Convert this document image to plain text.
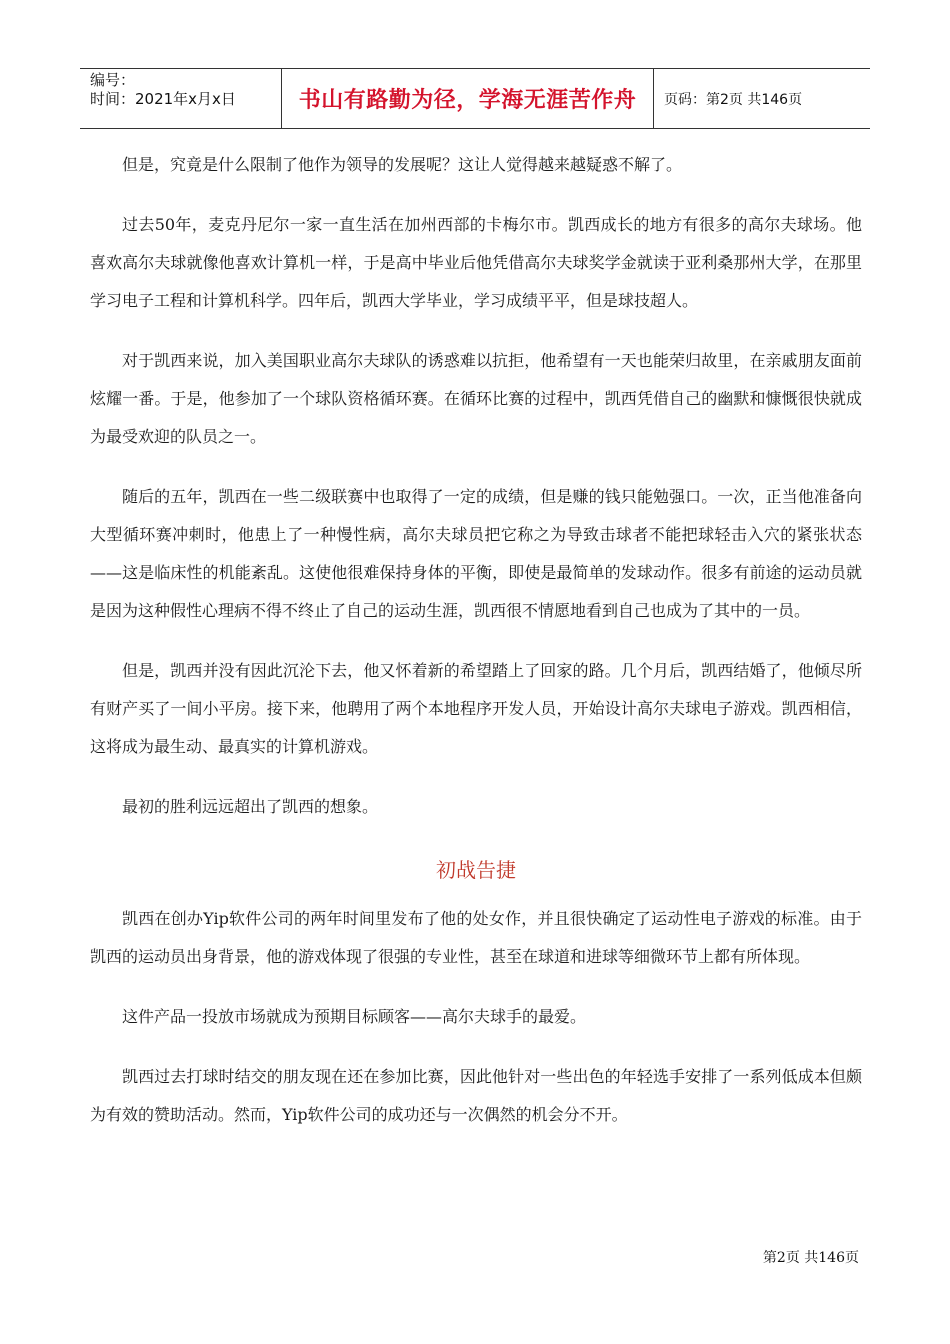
编号：
时间：2021年x月x日	书山有路勤为径，学海无涯苦作舟	页码：第2页 共146页

但是，究竟是什么限制了他作为领导的发展呢？这让人觉得越来越疑惑不解了。

过去50年，麦克丹尼尔一家一直生活在加州西部的卡梅尔市。凯西成长的地方有很多的高尔夫球场。他喜欢高尔夫球就像他喜欢计算机一样，于是高中毕业后他凭借高尔夫球奖学金就读于亚利桑那州大学，在那里学习电子工程和计算机科学。四年后，凯西大学毕业，学习成绩平平，但是球技超人。

对于凯西来说，加入美国职业高尔夫球队的诱惑难以抗拒，他希望有一天也能荣归故里，在亲戚朋友面前炫耀一番。于是，他参加了一个球队资格循环赛。在循环比赛的过程中，凯西凭借自己的幽默和慷慨很快就成为最受欢迎的队员之一。

随后的五年，凯西在一些二级联赛中也取得了一定的成绩，但是赚的钱只能勉强口。一次，正当他准备向大型循环赛冲刺时，他患上了一种慢性病，高尔夫球员把它称之为导致击球者不能把球轻击入穴的紧张状态——这是临床性的机能紊乱。这使他很难保持身体的平衡，即使是最简单的发球动作。很多有前途的运动员就是因为这种假性心理病不得不终止了自己的运动生涯，凯西很不情愿地看到自己也成为了其中的一员。

但是，凯西并没有因此沉沦下去，他又怀着新的希望踏上了回家的路。几个月后，凯西结婚了，他倾尽所有财产买了一间小平房。接下来，他聘用了两个本地程序开发人员，开始设计高尔夫球电子游戏。凯西相信，这将成为最生动、最真实的计算机游戏。

最初的胜利远远超出了凯西的想象。

初战告捷

凯西在创办Yip软件公司的两年时间里发布了他的处女作，并且很快确定了运动性电子游戏的标准。由于凯西的运动员出身背景，他的游戏体现了很强的专业性，甚至在球道和进球等细微环节上都有所体现。

这件产品一投放市场就成为预期目标顾客——高尔夫球手的最爱。

凯西过去打球时结交的朋友现在还在参加比赛，因此他针对一些出色的年轻选手安排了一系列低成本但颇为有效的赞助活动。然而，Yip软件公司的成功还与一次偶然的机会分不开。

第2页 共146页
